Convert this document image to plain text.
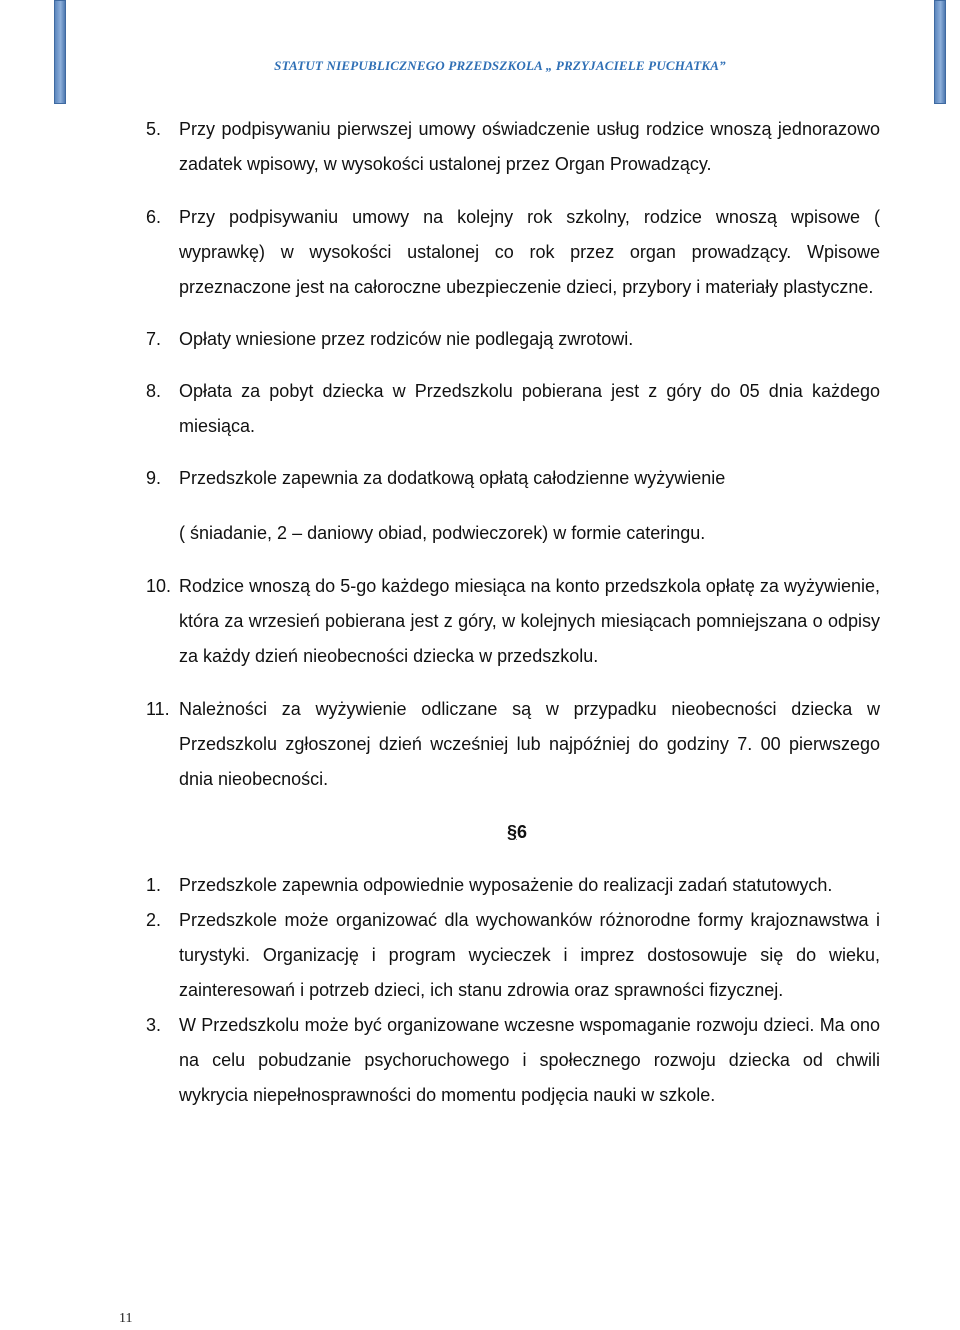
STATUT NIEPUBLICZNEGO PRZEDSZKOLA „ PRZYJACIELE PUCHATKA”
5. Przy podpisywaniu pierwszej umowy oświadczenie usług rodzice wnoszą jednorazowo zadatek wpisowy, w wysokości ustalonej przez Organ Prowadzący.
6. Przy podpisywaniu umowy na kolejny rok szkolny, rodzice wnoszą wpisowe ( wyprawkę) w wysokości ustalonej co rok przez organ prowadzący. Wpisowe przeznaczone jest na całoroczne ubezpieczenie dzieci, przybory i materiały plastyczne.
7. Opłaty wniesione przez rodziców nie podlegają zwrotowi.
8. Opłata za pobyt dziecka w Przedszkolu pobierana jest z góry do 05 dnia każdego miesiąca.
9. Przedszkole zapewnia za dodatkową opłatą całodzienne wyżywienie
( śniadanie, 2 – daniowy obiad, podwieczorek) w formie cateringu.
10. Rodzice wnoszą do 5-go każdego miesiąca na konto przedszkola opłatę za wyżywienie, która za wrzesień pobierana jest z góry, w kolejnych miesiącach pomniejszana o odpisy za każdy dzień nieobecności dziecka w przedszkolu.
11. Należności za wyżywienie odliczane są w przypadku nieobecności dziecka w Przedszkolu zgłoszonej dzień wcześniej lub najpóźniej do godziny 7. 00 pierwszego dnia nieobecności.
§6
1. Przedszkole zapewnia odpowiednie wyposażenie do realizacji zadań statutowych.
2. Przedszkole może organizować dla wychowanków różnorodne formy krajoznawstwa i turystyki. Organizację i program wycieczek i imprez dostosowuje się do wieku, zainteresowań i potrzeb dzieci, ich stanu zdrowia oraz sprawności fizycznej.
3. W Przedszkolu może być organizowane wczesne wspomaganie rozwoju dzieci. Ma ono na celu pobudzanie psychoruchowego i społecznego rozwoju dziecka od chwili wykrycia niepełnosprawności do momentu podjęcia nauki w szkole.
11
